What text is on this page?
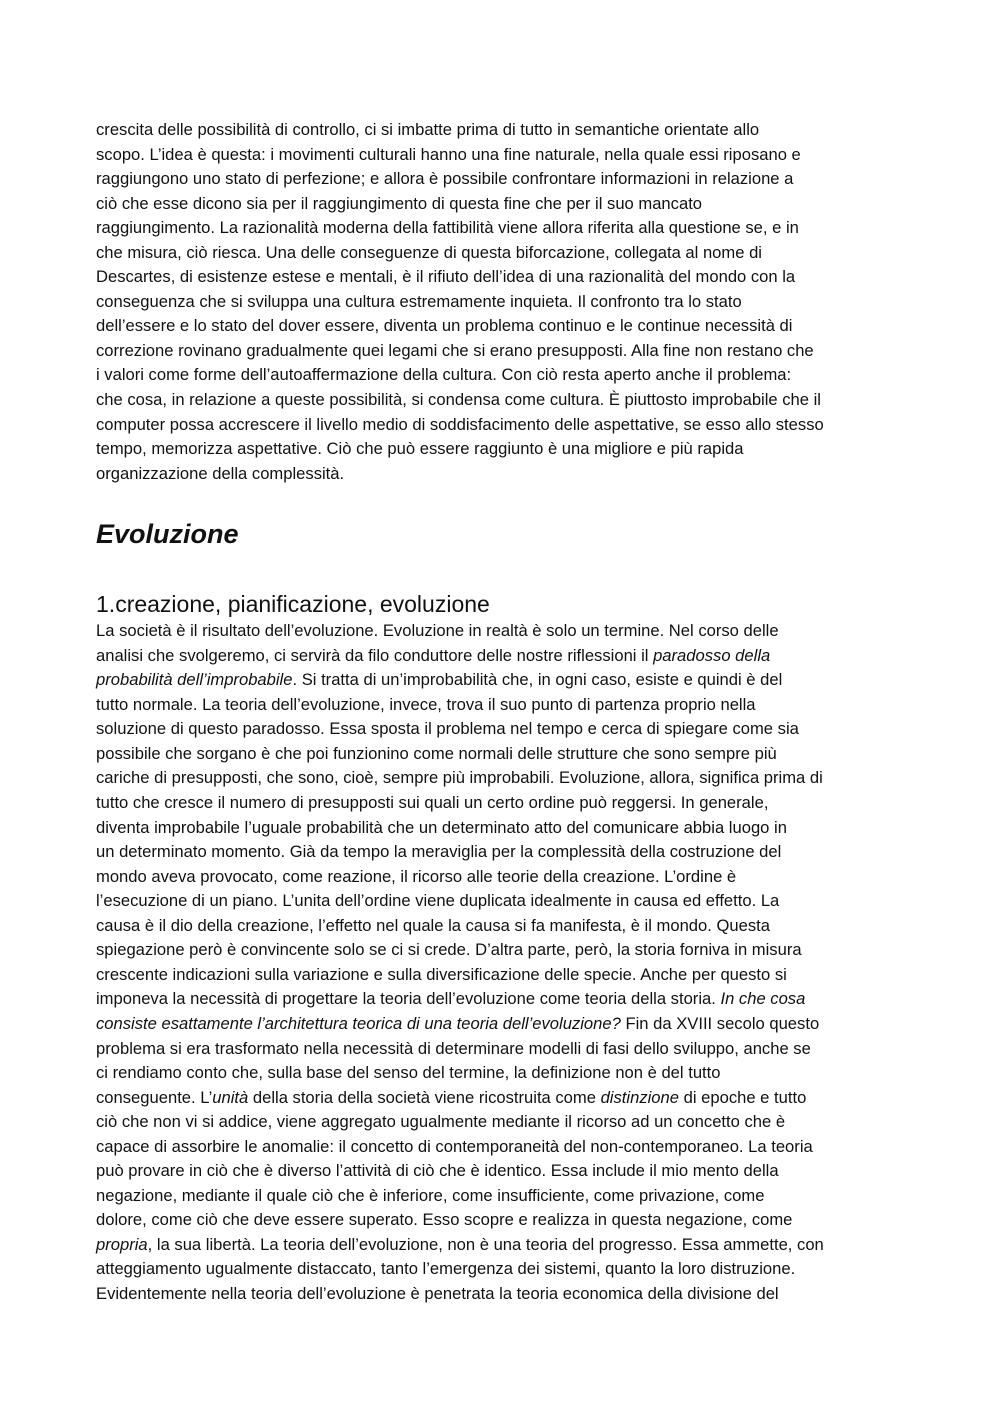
crescita delle possibilità di controllo, ci si imbatte prima di tutto in semantiche orientate allo
scopo. L’idea è questa: i movimenti culturali hanno una fine naturale, nella quale essi riposano e
raggiungono uno stato di perfezione; e allora è possibile confrontare informazioni in relazione a
ciò che esse dicono sia per il raggiungimento di questa fine che per il suo mancato
raggiungimento. La razionalità moderna della fattibilità viene allora riferita alla questione se, e in
che misura, ciò riesca. Una delle conseguenze di questa biforcazione, collegata al nome di
Descartes, di esistenze estese e mentali, è il rifiuto dell’idea di una razionalità del mondo con la
conseguenza che si sviluppa una cultura estremamente inquieta. Il confronto tra lo stato
dell’essere e lo stato del dover essere, diventa un problema continuo e le continue necessità di
correzione rovinano gradualmente quei legami che si erano presupposti. Alla fine non restano che
i valori come forme dell’autoaffermazione della cultura. Con ciò resta aperto anche il problema:
che cosa, in relazione a queste possibilità, si condensa come cultura. È piuttosto improbabile che il
computer possa accrescere il livello medio di soddisfacimento delle aspettative, se esso allo stesso
tempo, memorizza aspettative. Ciò che può essere raggiunto è una migliore e più rapida
organizzazione della complessità.

Evoluzione
1.creazione, pianificazione, evoluzione

La società è il risultato dell’evoluzione. Evoluzione in realtà è solo un termine. Nel corso delle
analisi che svolgeremo, ci servirà da filo conduttore delle nostre riflessioni il paradosso della
probabilità dell’improbabile. Si tratta di un’improbabilità che, in ogni caso, esiste e quindi è del
tutto normale. La teoria dell’evoluzione, invece, trova il suo punto di partenza proprio nella
soluzione di questo paradosso. Essa sposta il problema nel tempo e cerca di spiegare come sia
possibile che sorgano è che poi funzionino come normali delle strutture che sono sempre più
cariche di presupposti, che sono, cioè, sempre più improbabili. Evoluzione, allora, significa prima di
tutto che cresce il numero di presupposti sui quali un certo ordine può reggersi. In generale,
diventa improbabile l’uguale probabilità che un determinato atto del comunicare abbia luogo in
un determinato momento. Già da tempo la meraviglia per la complessità della costruzione del
mondo aveva provocato, come reazione, il ricorso alle teorie della creazione. L’ordine è
l’esecuzione di un piano. L’unita dell’ordine viene duplicata idealmente in causa ed effetto. La
causa è il dio della creazione, l’effetto nel quale la causa si fa manifesta, è il mondo. Questa
spiegazione però è convincente solo se ci si crede. D’altra parte, però, la storia forniva in misura
crescente indicazioni sulla variazione e sulla diversificazione delle specie. Anche per questo si
imponeva la necessità di progettare la teoria dell’evoluzione come teoria della storia. In che cosa
consiste esattamente l’architettura teorica di una teoria dell’evoluzione? Fin da XVIII secolo questo
problema si era trasformato nella necessità di determinare modelli di fasi dello sviluppo, anche se
ci rendiamo conto che, sulla base del senso del termine, la definizione non è del tutto
conseguente. L’unità della storia della società viene ricostruita come distinzione di epoche e tutto
ciò che non vi si addice, viene aggregato ugualmente mediante il ricorso ad un concetto che è
capace di assorbire le anomalie: il concetto di contemporaneità del non-contemporaneo. La teoria
può provare in ciò che è diverso l’attività di ciò che è identico. Essa include il mio mento della
negazione, mediante il quale ciò che è inferiore, come insufficiente, come privazione, come
dolore, come ciò che deve essere superato. Esso scopre e realizza in questa negazione, come
propria, la sua libertà. La teoria dell’evoluzione, non è una teoria del progresso. Essa ammette, con
atteggiamento ugualmente distaccato, tanto l’emergenza dei sistemi, quanto la loro distruzione.
Evidentemente nella teoria dell’evoluzione è penetrata la teoria economica della divisione del
